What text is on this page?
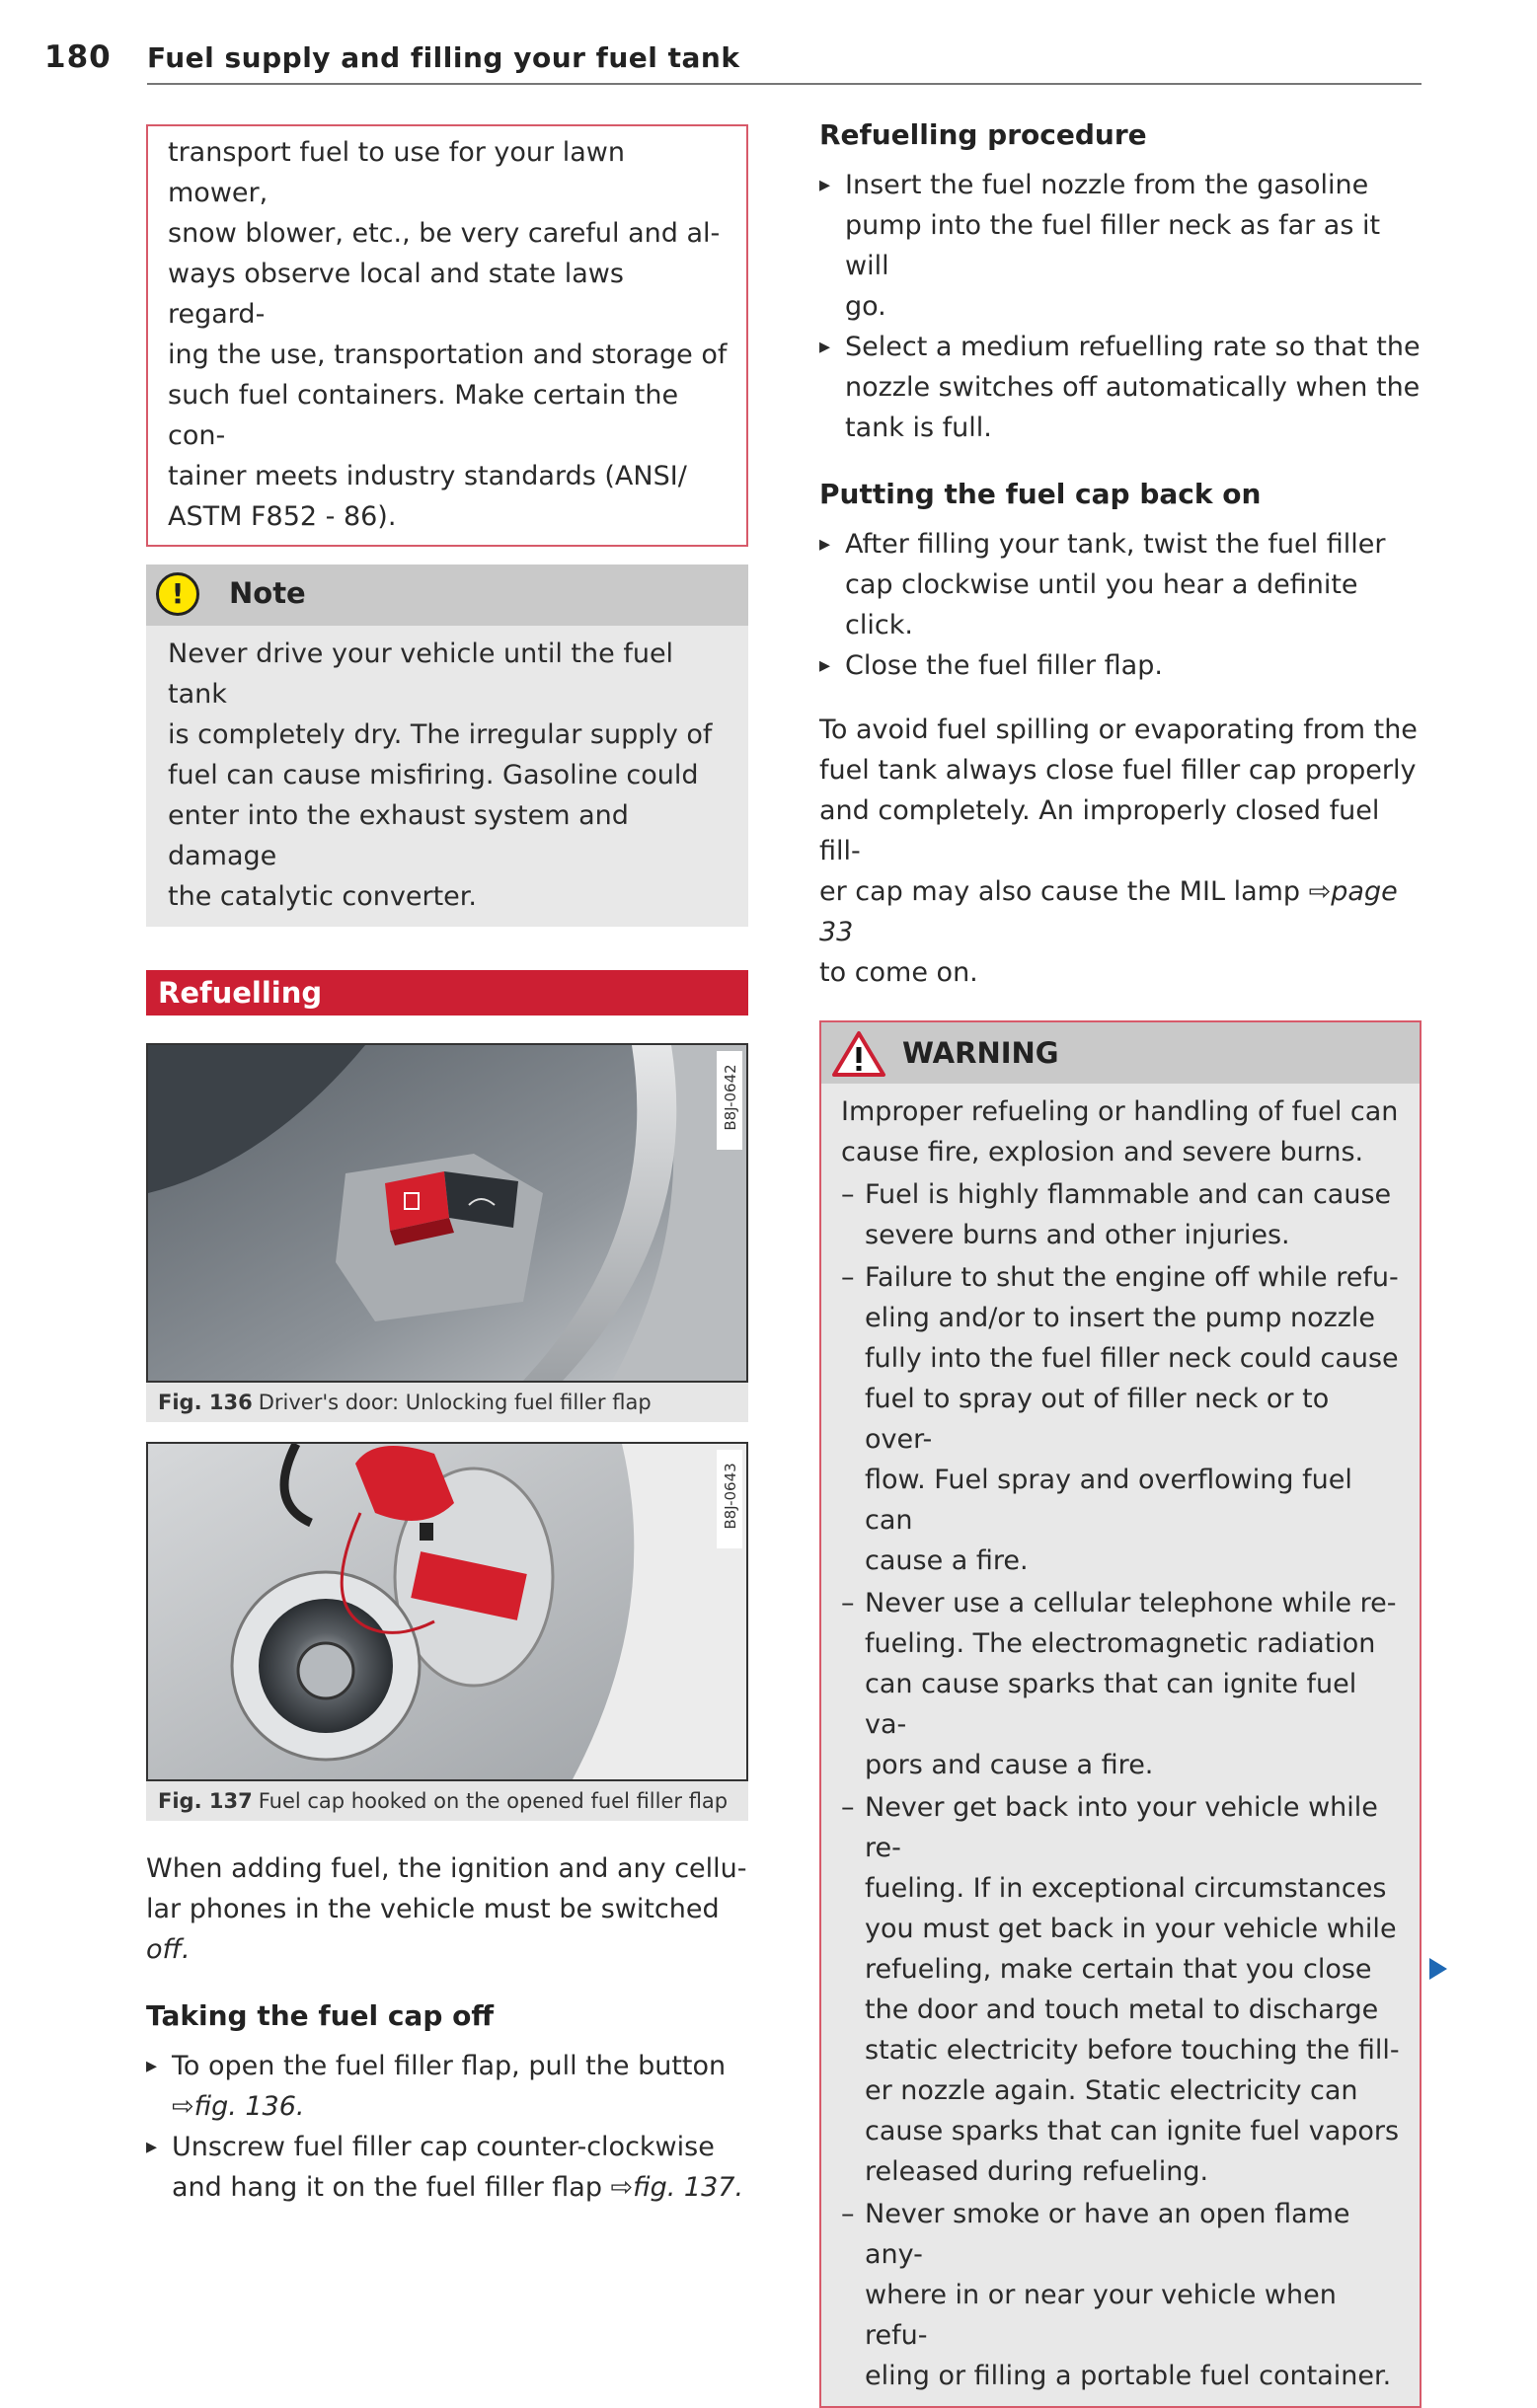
180 Fuel supply and filling your fuel tank
transport fuel to use for your lawn mower,
snow blower, etc., be very careful and al-
ways observe local and state laws regard-
ing the use, transportation and storage of
such fuel containers. Make certain the con-
tainer meets industry standards (ANSI/
ASTM F852 - 86).
!	Note
Never drive your vehicle until the fuel tank
is completely dry. The irregular supply of
fuel can cause misfiring. Gasoline could
enter into the exhaust system and damage
the catalytic converter.
Refuelling
B8J-0642
Fig. 136 Driver's door: Unlocking fuel filler flap
B8J-0643
Fig. 137 Fuel cap hooked on the opened fuel filler flap
When adding fuel, the ignition and any cellu-
lar phones in the vehicle must be switched
off.
Taking the fuel cap off
▸ To open the fuel filler flap, pull the button
⇨fig. 136.
▸ Unscrew fuel filler cap counter-clockwise
and hang it on the fuel filler flap ⇨fig. 137.
Refuelling procedure
▸ Insert the fuel nozzle from the gasoline
pump into the fuel filler neck as far as it will
go.
▸ Select a medium refuelling rate so that the
nozzle switches off automatically when the
tank is full.
Putting the fuel cap back on
▸ After filling your tank, twist the fuel filler
cap clockwise until you hear a definite click.
▸ Close the fuel filler flap.
To avoid fuel spilling or evaporating from the
fuel tank always close fuel filler cap properly
and completely. An improperly closed fuel fill-
er cap may also cause the MIL lamp ⇨page 33
to come on.
WARNING
Improper refueling or handling of fuel can
cause fire, explosion and severe burns.
– Fuel is highly flammable and can cause
severe burns and other injuries.
– Failure to shut the engine off while refu-
eling and/or to insert the pump nozzle
fully into the fuel filler neck could cause
fuel to spray out of filler neck or to over-
flow. Fuel spray and overflowing fuel can
cause a fire.
– Never use a cellular telephone while re-
fueling. The electromagnetic radiation
can cause sparks that can ignite fuel va-
pors and cause a fire.
– Never get back into your vehicle while re-
fueling. If in exceptional circumstances
you must get back in your vehicle while
refueling, make certain that you close
the door and touch metal to discharge
static electricity before touching the fill-
er nozzle again. Static electricity can
cause sparks that can ignite fuel vapors
released during refueling.
– Never smoke or have an open flame any-
where in or near your vehicle when refu-
eling or filling a portable fuel container.
